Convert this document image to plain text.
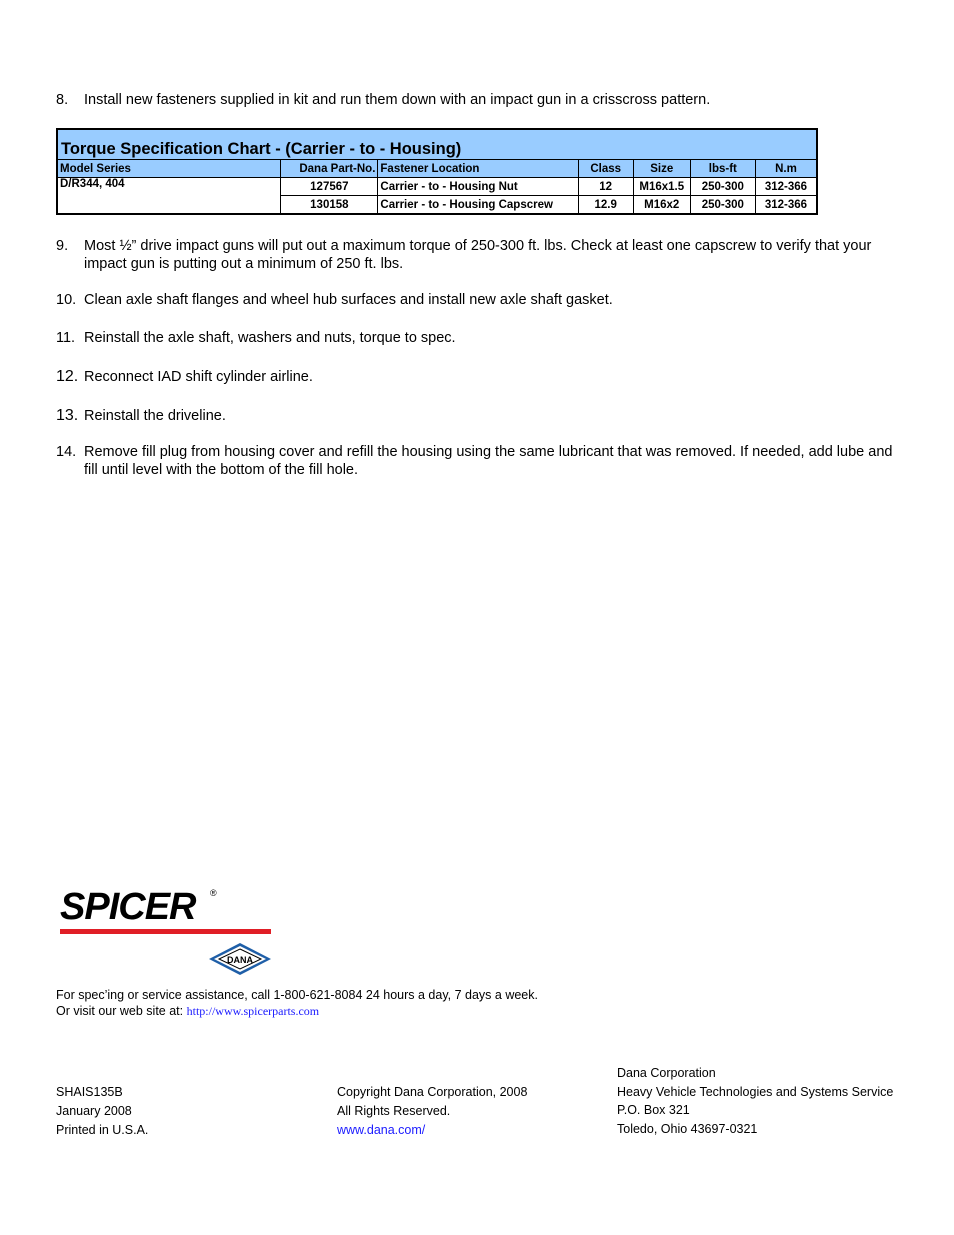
8.	Install new fasteners supplied in kit and run them down with an impact gun in a crisscross pattern.
Torque Specification Chart - (Carrier - to - Housing)						
Model Series	Dana Part-No.	Fastener Location	Class	Size	lbs-ft	N.m
D/R344, 404	127567	Carrier - to - Housing Nut	12	M16x1.5	250-300	312-366
	130158	Carrier - to - Housing Capscrew	12.9	M16x2	250-300	312-366
9.	Most ½” drive impact guns will put out a maximum torque of 250-300 ft. lbs. Check at least one capscrew to verify that your impact gun is putting out a minimum of 250 ft. lbs.
10. Clean axle shaft flanges and wheel hub surfaces and install new axle shaft gasket.
11. Reinstall the axle shaft, washers and nuts, torque to spec.
12. Reconnect IAD shift cylinder airline.
13. Reinstall the driveline.
14. Remove fill plug from housing cover and refill the housing using the same lubricant that was removed. If needed, add lube and fill until level with the bottom of the fill hole.
SPICER ®
DANA
For spec’ing or service assistance, call 1-800-621-8084 24 hours a day, 7 days a week.
Or visit our web site at: http://www.spicerparts.com
SHAIS135B
January 2008
Printed in U.S.A.
Copyright Dana Corporation, 2008
All Rights Reserved.
www.dana.com/
Dana Corporation
Heavy Vehicle Technologies and Systems Service
P.O. Box 321
Toledo, Ohio 43697-0321
